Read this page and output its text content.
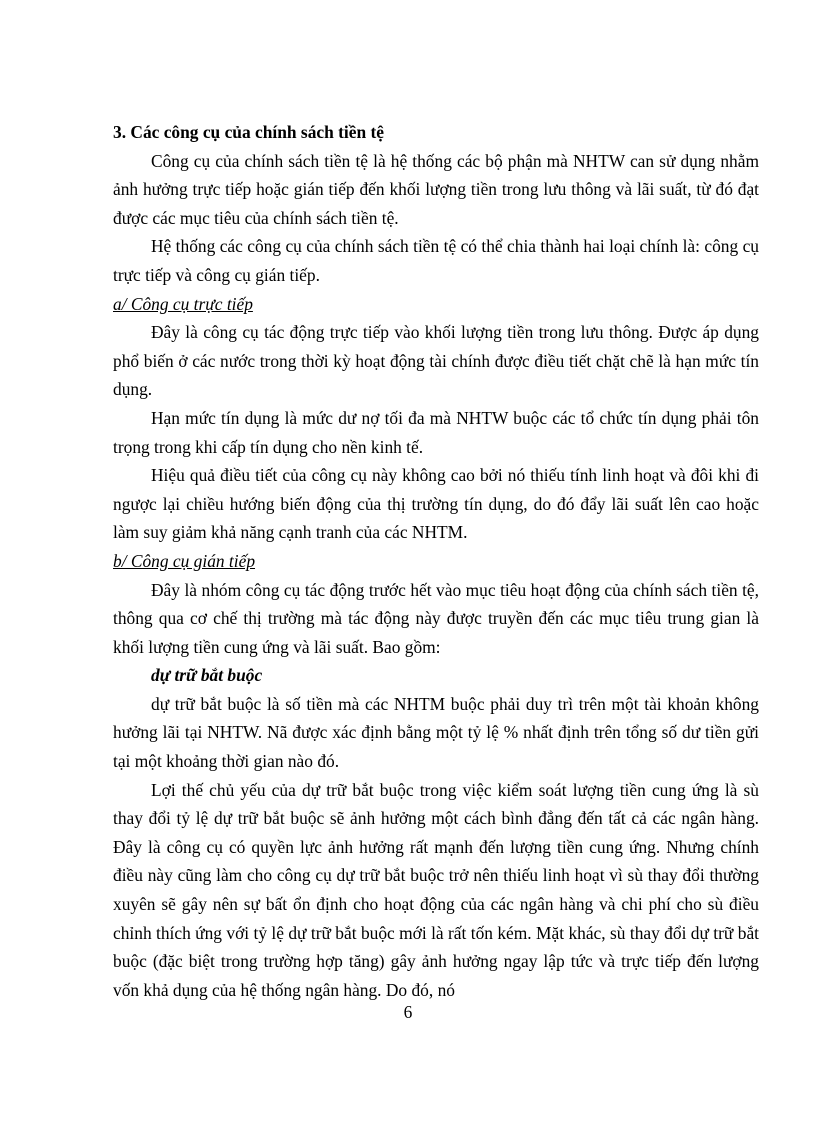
3. Các công cụ của chính sách tiền tệ

Công cụ của chính sách tiền tệ là hệ thống các bộ phận mà NHTW can sử dụng nhằm ảnh hưởng trực tiếp hoặc gián tiếp đến khối lượng tiền trong lưu thông và lãi suất, từ đó đạt được các mục tiêu của chính sách tiền tệ.

Hệ thống các công cụ của chính sách tiền tệ có thể chia thành hai loại chính là: công cụ trực tiếp và công cụ gián tiếp.

a/ Công cụ trực tiếp

Đây là công cụ tác động trực tiếp vào khối lượng tiền trong lưu thông. Được áp dụng phổ biến ở các nước trong thời kỳ hoạt động tài chính được điều tiết chặt chẽ là hạn mức tín dụng.

Hạn mức tín dụng là mức dư nợ tối đa mà NHTW buộc các tổ chức tín dụng phải tôn trọng trong khi cấp tín dụng cho nền kinh tế.

Hiệu quả điều tiết của công cụ này không cao bởi nó thiếu tính linh hoạt và đôi khi đi ngược lại chiều hướng biến động của thị trường tín dụng, do đó đẩy lãi suất lên cao hoặc làm suy giảm khả năng cạnh tranh của các NHTM.

b/ Công cụ gián tiếp

Đây là nhóm công cụ tác động trước hết vào mục tiêu hoạt động của chính sách tiền tệ, thông qua cơ chế thị trường mà tác động này được truyền đến các mục tiêu trung gian là khối lượng tiền cung ứng và lãi suất. Bao gồm:

dự trữ bắt buộc

dự trữ bắt buộc là số tiền mà các NHTM buộc phải duy trì trên một tài khoản không hưởng lãi tại NHTW. Nã được xác định bằng một tỷ lệ % nhất định trên tổng số dư tiền gửi tại một khoảng thời gian nào đó.

Lợi thế chủ yếu của dự trữ bắt buộc trong việc kiểm soát lượng tiền cung ứng là sù thay đổi tỷ lệ dự trữ bắt buộc sẽ ảnh hưởng một cách bình đẳng đến tất cả các ngân hàng. Đây là công cụ có quyền lực ảnh hưởng rất mạnh đến lượng tiền cung ứng. Nhưng chính điều này cũng làm cho công cụ dự trữ bắt buộc trở nên thiếu linh hoạt vì sù thay đổi thường xuyên sẽ gây nên sự bất ổn định cho hoạt động của các ngân hàng và chi phí cho sù điều chỉnh thích ứng với tỷ lệ dự trữ bắt buộc mới là rất tốn kém. Mặt khác, sù thay đổi dự trữ bắt buộc (đặc biệt trong trường hợp tăng) gây ảnh hưởng ngay lập tức và trực tiếp đến lượng vốn khả dụng của hệ thống ngân hàng. Do đó, nó

6
